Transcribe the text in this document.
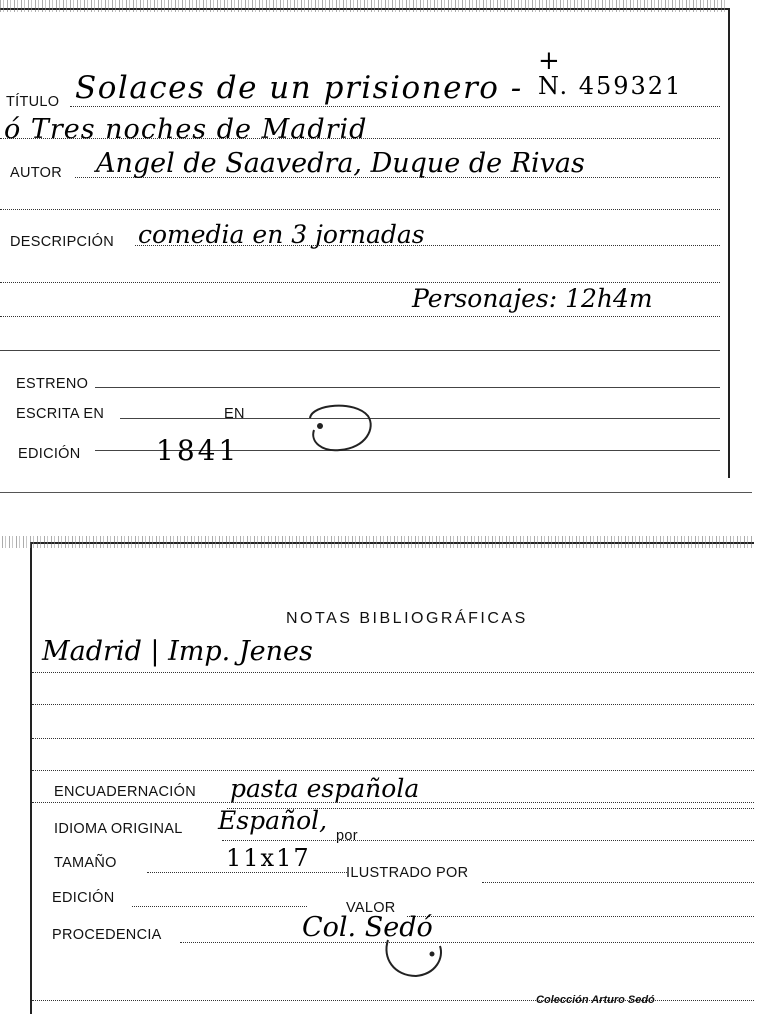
TÍTULO
AUTOR
DESCRIPCIÓN
ESTRENO
ESCRITA EN	EN
EDICIÓN
Solaces de un prisionero -
+
N. 459321
ó Tres noches de Madrid
Angel de Saavedra, Duque de Rivas
comedia en 3 jornadas
Personajes: 12h4m
1841
NOTAS BIBLIOGRÁFICAS
Madrid | Imp. Jenes
ENCUADERNACIÓN
IDIOMA ORIGINAL	por
TAMAÑO
ILUSTRADO POR
EDICIÓN
VALOR
PROCEDENCIA
pasta española
Español,
11x17
Col. Sedó
Colección Arturo Sedó
